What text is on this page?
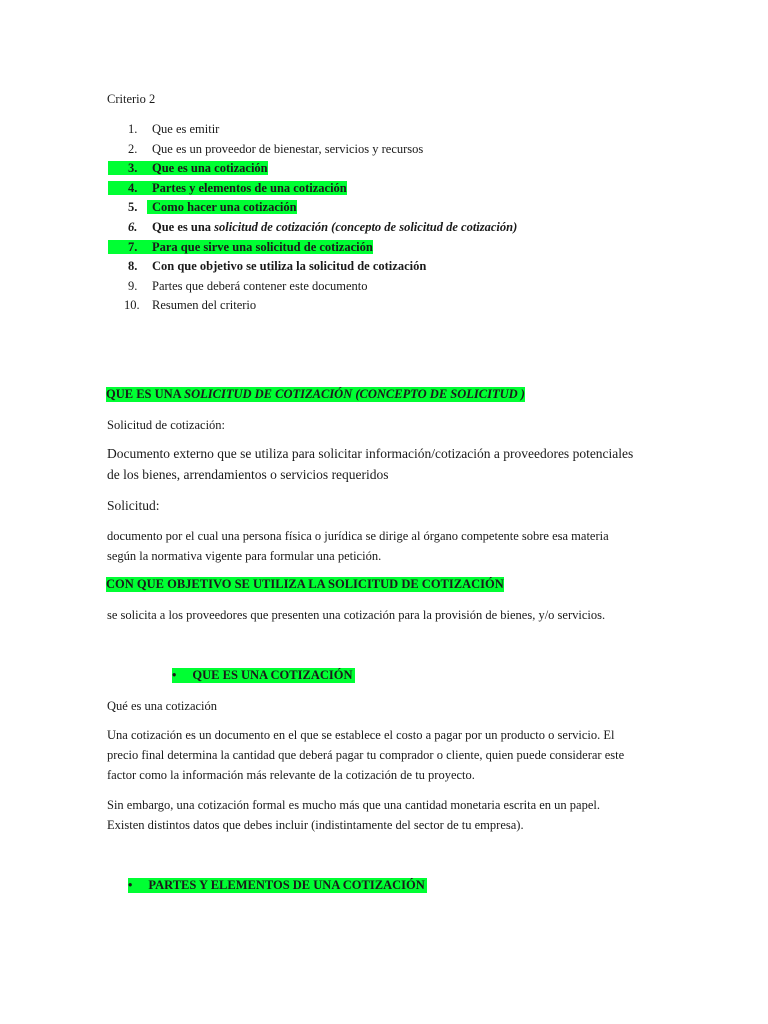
Criterio 2
1. Que es emitir
2. Que es un proveedor de bienestar, servicios y recursos
3. Que es una cotización
4. Partes y elementos de una cotización
5. Como hacer una cotización
6. Que es una solicitud de cotización (concepto de solicitud de cotización)
7. Para que sirve una solicitud de cotización
8. Con que objetivo se utiliza la solicitud de cotización
9. Partes que deberá contener este documento
10. Resumen del criterio
QUE ES UNA SOLICITUD DE COTIZACIÓN (CONCEPTO DE SOLICITUD )
Solicitud de cotización:
Documento externo que se utiliza para solicitar información/cotización a proveedores potenciales
de los bienes, arrendamientos o servicios requeridos
Solicitud:
documento por el cual una persona física o jurídica se dirige al órgano competente sobre esa materia
según la normativa vigente para formular una petición.
CON QUE OBJETIVO SE UTILIZA LA SOLICITUD DE COTIZACIÓN
se solicita a los proveedores que presenten una cotización para la provisión de bienes, y/o servicios.
• QUE ES UNA COTIZACIÓN
Qué es una cotización
Una cotización es un documento en el que se establece el costo a pagar por un producto o servicio. El
precio final determina la cantidad que deberá pagar tu comprador o cliente, quien puede considerar este
factor como la información más relevante de la cotización de tu proyecto.
Sin embargo, una cotización formal es mucho más que una cantidad monetaria escrita en un papel.
Existen distintos datos que debes incluir (indistintamente del sector de tu empresa).
• PARTES Y ELEMENTOS DE UNA COTIZACIÓN
